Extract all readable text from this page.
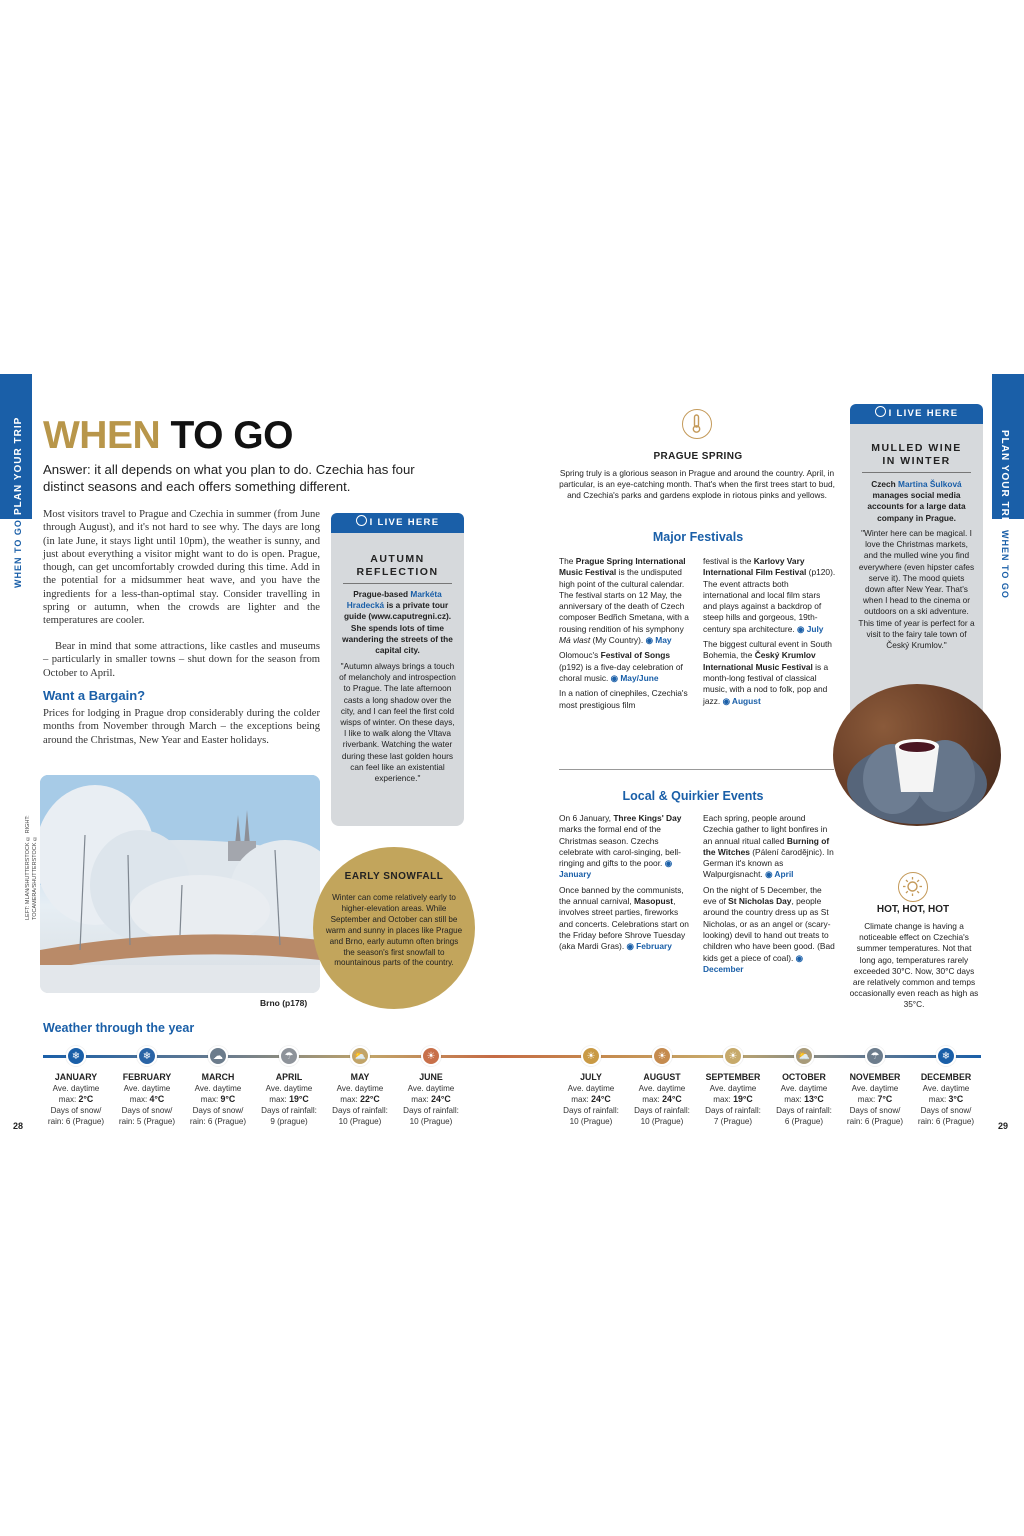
PLAN YOUR TRIP
WHEN TO GO
PLAN YOUR TRIP
WHEN TO GO
WHEN TO GO
Answer: it all depends on what you plan to do. Czechia has four distinct seasons and each offers something different.
Most visitors travel to Prague and Czechia in summer (from June through August), and it's not hard to see why. The days are long (in late June, it stays light until 10pm), the weather is sunny, and just about everything a visitor might want to do is open. Prague, though, can get uncomfortably crowded during this time. Add in the potential for a midsummer heat wave, and you have the ingredients for a less-than-optimal stay. Consider travelling in spring or autumn, when the crowds are lighter and the temperatures are cooler.
Bear in mind that some attractions, like castles and museums – particularly in smaller towns – shut down for the season from October to April.
Want a Bargain?
Prices for lodging in Prague drop considerably during the colder months from November through March – the exceptions being around the Christmas, New Year and Easter holidays.
LEFT: MLAN/SHUTTERSTOCK © RIGHT: TOCAMERA/SHUTTERSTOCK ©
Brno (p178)
I LIVE HERE
AUTUMN
REFLECTION
Prague-based Markéta Hradecká is a private tour guide (www.caputregni.cz). She spends lots of time wandering the streets of the capital city.
"Autumn always brings a touch of melancholy and introspection to Prague. The late afternoon casts a long shadow over the city, and I can feel the first cold wisps of winter. On these days, I like to walk along the Vltava riverbank. Watching the water during these last golden hours can feel like an existential experience."
EARLY SNOWFALL
Winter can come relatively early to higher-elevation areas. While September and October can still be warm and sunny in places like Prague and Brno, early autumn often brings the season's first snowfall to mountainous parts of the country.
PRAGUE SPRING
Spring truly is a glorious season in Prague and around the country. April, in particular, is an eye-catching month. That's when the first trees start to bud, and Czechia's parks and gardens explode in riotous pinks and yellows.
Major Festivals
The Prague Spring International Music Festival is the undisputed high point of the cultural calendar. The festival starts on 12 May, the anniversary of the death of Czech composer Bedřich Smetana, with a rousing rendition of his symphony Má vlast (My Country). ◉ May
Olomouc's Festival of Songs (p192) is a five-day celebration of choral music. ◉ May/June
In a nation of cinephiles, Czechia's most prestigious film
festival is the Karlovy Vary International Film Festival (p120). The event attracts both international and local film stars and plays against a backdrop of steep hills and gorgeous, 19th-century spa architecture. ◉ July
The biggest cultural event in South Bohemia, the Český Krumlov International Music Festival is a month-long festival of classical music, with a nod to folk, pop and jazz. ◉ August
Local & Quirkier Events
On 6 January, Three Kings' Day marks the formal end of the Christmas season. Czechs celebrate with carol-singing, bell-ringing and gifts to the poor. ◉ January
Once banned by the communists, the annual carnival, Masopust, involves street parties, fireworks and concerts. Celebrations start on the Friday before Shrove Tuesday (aka Mardi Gras). ◉ February
Each spring, people around Czechia gather to light bonfires in an annual ritual called Burning of the Witches (Pálení čarodějnic). In German it's known as Walpurgisnacht. ◉ April
On the night of 5 December, the eve of St Nicholas Day, people around the country dress up as St Nicholas, or as an angel or (scary-looking) devil to hand out treats to children who have been good. (Bad kids get a piece of coal). ◉ December
I LIVE HERE
MULLED WINE
IN WINTER
Czech Martina Šulková manages social media accounts for a large data company in Prague.
"Winter here can be magical. I love the Christmas markets, and the mulled wine you find everywhere (even hipster cafes serve it). The mood quiets down after New Year. That's when I head to the cinema or outdoors on a ski adventure. This time of year is perfect for a visit to the fairy tale town of Český Krumlov."
HOT, HOT, HOT
Climate change is having a noticeable effect on Czechia's summer temperatures. Not that long ago, temperatures rarely exceeded 30°C. Now, 30°C days are relatively common and temps occasionally even reach as high as 35°C.
Weather through the year
❄
JANUARY
Ave. daytime
max: 2°C
Days of snow/
rain: 6 (Prague)
❄
FEBRUARY
Ave. daytime
max: 4°C
Days of snow/
rain: 5 (Prague)
☁
MARCH
Ave. daytime
max: 9°C
Days of snow/
rain: 6 (Prague)
☂
APRIL
Ave. daytime
max: 19°C
Days of rainfall:
9 (prague)
⛅
MAY
Ave. daytime
max: 22°C
Days of rainfall:
10 (Prague)
☀
JUNE
Ave. daytime
max: 24°C
Days of rainfall:
10 (Prague)
☀
JULY
Ave. daytime
max: 24°C
Days of rainfall:
10 (Prague)
☀
AUGUST
Ave. daytime
max: 24°C
Days of rainfall:
10 (Prague)
☀
SEPTEMBER
Ave. daytime
max: 19°C
Days of rainfall:
7 (Prague)
⛅
OCTOBER
Ave. daytime
max: 13°C
Days of rainfall:
6 (Prague)
☂
NOVEMBER
Ave. daytime
max: 7°C
Days of snow/
rain: 6 (Prague)
❄
DECEMBER
Ave. daytime
max: 3°C
Days of snow/
rain: 6 (Prague)
28	29
